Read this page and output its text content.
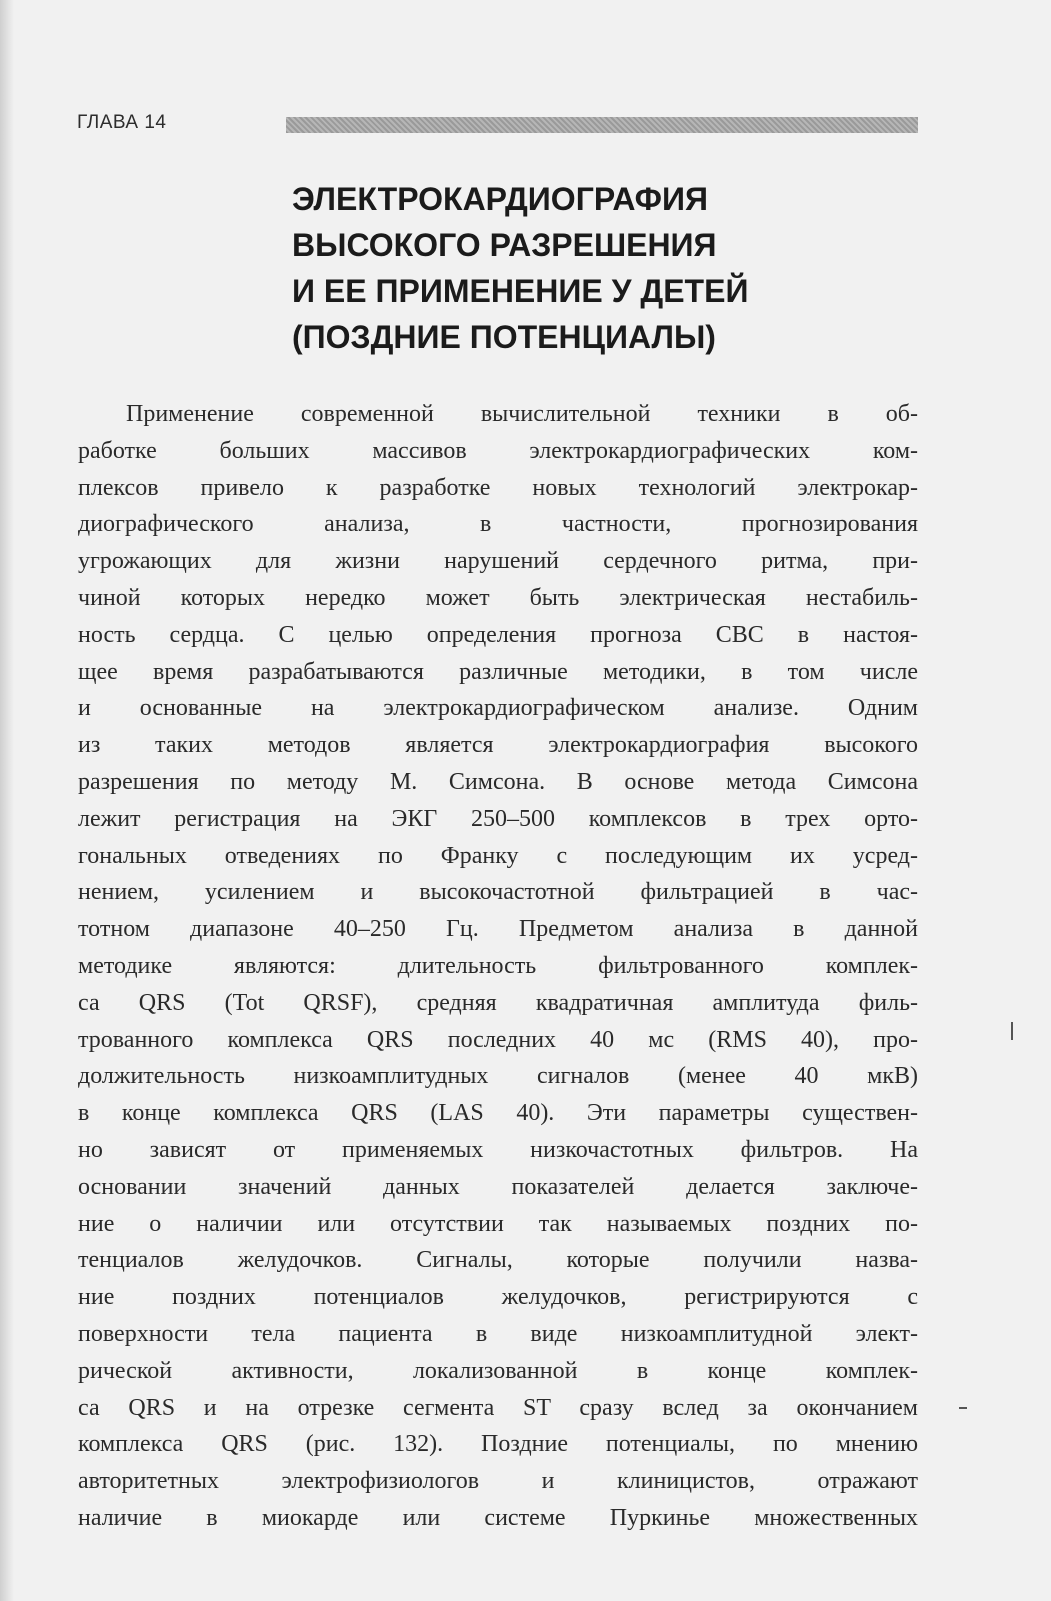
ГЛАВА 14
ЭЛЕКТРОКАРДИОГРАФИЯ
ВЫСОКОГО РАЗРЕШЕНИЯ
И ЕЕ ПРИМЕНЕНИЕ У ДЕТЕЙ
(ПОЗДНИЕ ПОТЕНЦИАЛЫ)
Применение современной вычислительной техники в об-
работке больших массивов электрокардиографических ком-
плексов привело к разработке новых технологий электрокар-
диографического анализа, в частности, прогнозирования
угрожающих для жизни нарушений сердечного ритма, при-
чиной которых нередко может быть электрическая нестабиль-
ность сердца. С целью определения прогноза СВС в настоя-
щее время разрабатываются различные методики, в том числе
и основанные на электрокардиографическом анализе. Одним
из таких методов является электрокардиография высокого
разрешения по методу М. Симсона. В основе метода Симсона
лежит регистрация на ЭКГ 250–500 комплексов в трех орто-
гональных отведениях по Франку с последующим их усред-
нением, усилением и высокочастотной фильтрацией в час-
тотном диапазоне 40–250 Гц. Предметом анализа в данной
методике являются: длительность фильтрованного комплек-
са QRS (Tot QRSF), средняя квадратичная амплитуда филь-
трованного комплекса QRS последних 40 мс (RMS 40), про-
должительность низкоамплитудных сигналов (менее 40 мкВ)
в конце комплекса QRS (LAS 40). Эти параметры существен-
но зависят от применяемых низкочастотных фильтров. На
основании значений данных показателей делается заключе-
ние о наличии или отсутствии так называемых поздних по-
тенциалов желудочков. Сигналы, которые получили назва-
ние поздних потенциалов желудочков, регистрируются с
поверхности тела пациента в виде низкоамплитудной элект-
рической активности, локализованной в конце комплек-
са QRS и на отрезке сегмента ST сразу вслед за окончанием
комплекса QRS (рис. 132). Поздние потенциалы, по мнению
авторитетных электрофизиологов и клиницистов, отражают
наличие в миокарде или системе Пуркинье множественных
